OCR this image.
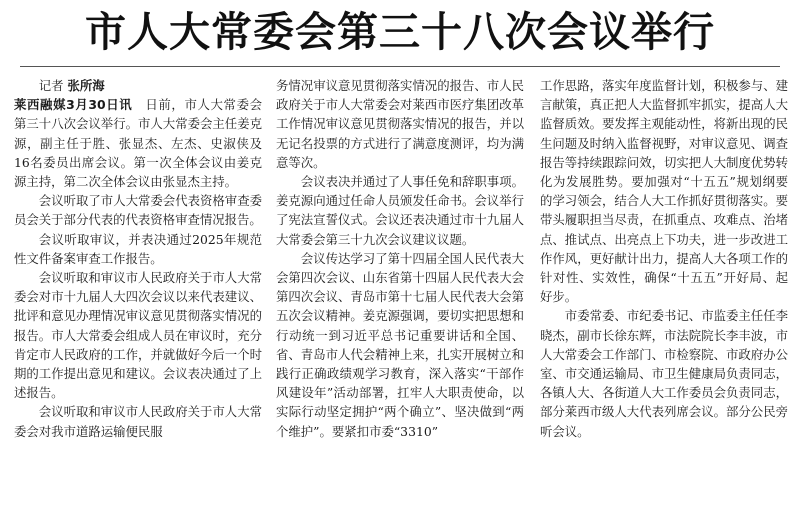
市人大常委会第三十八次会议举行

记者 张所海

莱西融媒3月30日讯　 日前，市人大常委会第三十八次会议举行。市人大常委会主任姜克源，副主任于胜、张显杰、左杰、史淑侠及16名委员出席会议。第一次全体会议由姜克源主持，第二次全体会议由张显杰主持。

会议听取了市人大常委会代表资格审查委员会关于部分代表的代表资格审查情况报告。

会议听取审议，并表决通过2025年规范性文件备案审查工作报告。

会议听取和审议市人民政府关于市人大常委会对市十九届人大四次会议以来代表建议、批评和意见办理情况审议意见贯彻落实情况的报告。市人大常委会组成人员在审议时，充分肯定市人民政府的工作，并就做好今后一个时期的工作提出意见和建议。会议表决通过了上述报告。

会议听取和审议市人民政府关于市人大常委会对我市道路运输便民服

务情况审议意见贯彻落实情况的报告、市人民政府关于市人大常委会对莱西市医疗集团改革工作情况审议意见贯彻落实情况的报告，并以无记名投票的方式进行了满意度测评，均为满意等次。

会议表决并通过了人事任免和辞职事项。姜克源向通过任命人员颁发任命书。会议举行了宪法宣誓仪式。会议还表决通过市十九届人大常委会第三十九次会议建议议题。

会议传达学习了第十四届全国人民代表大会第四次会议、山东省第十四届人民代表大会第四次会议、青岛市第十七届人民代表大会第五次会议精神。姜克源强调，要切实把思想和行动统一到习近平总书记重要讲话和全国、省、青岛市人代会精神上来，扎实开展树立和践行正确政绩观学习教育，深入落实“干部作风建设年”活动部署，扛牢人大职责使命，以实际行动坚定拥护“两个确立”、坚决做到“两个维护”。要紧扣市委“3310”

工作思路，落实年度监督计划，积极参与、建言献策，真正把人大监督抓牢抓实，提高人大监督质效。要发挥主观能动性，将新出现的民生问题及时纳入监督视野，对审议意见、调查报告等持续跟踪问效，切实把人大制度优势转化为发展胜势。要加强对“十五五”规划纲要的学习领会，结合人大工作抓好贯彻落实。要带头履职担当尽责，在抓重点、攻难点、治堵点、推试点、出亮点上下功夫，进一步改进工作作风，更好献计出力，提高人大各项工作的针对性、实效性，确保“十五五”开好局、起好步。

市委常委、市纪委书记、市监委主任任李晓杰，副市长徐东辉，市法院院长李丰波，市人大常委会工作部门、市检察院、市政府办公室、市交通运输局、市卫生健康局负责同志，各镇人大、各街道人大工作委员会负责同志，部分莱西市级人大代表列席会议。部分公民旁听会议。
